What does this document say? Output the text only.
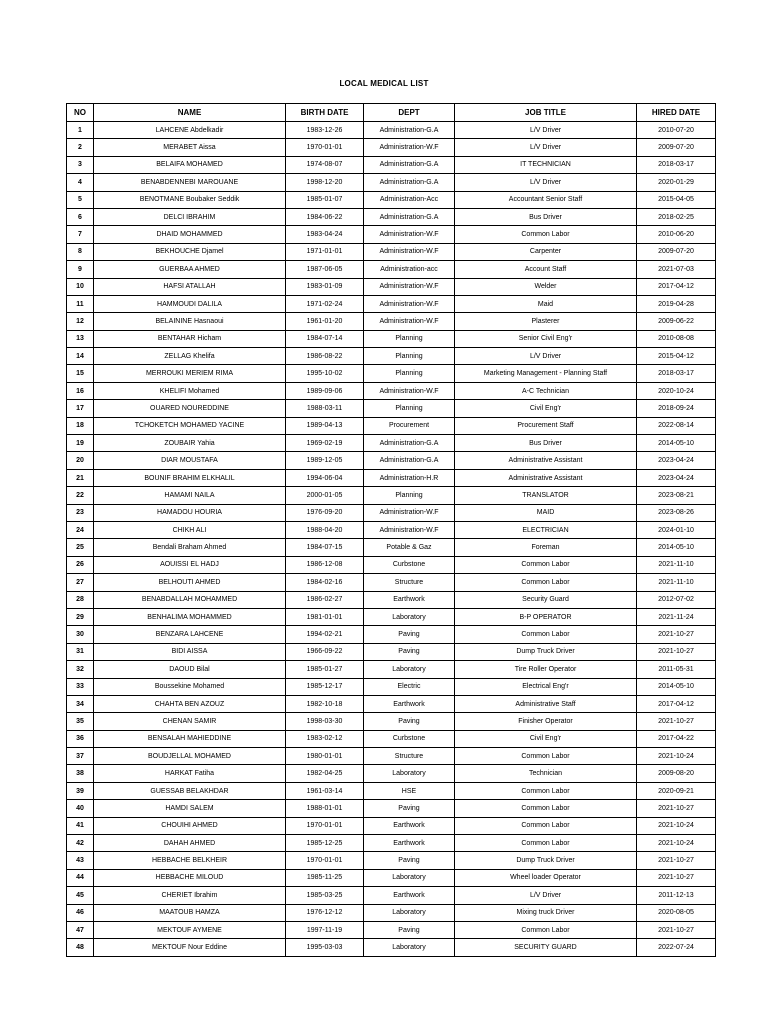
LOCAL MEDICAL LIST
NO	NAME	BIRTH DATE	DEPT	JOB TITLE	HIRED DATE
1	LAHCENE Abdelkadir	1983-12-26	Administration-G.A	L/V Driver	2010-07-20
2	MERABET Aissa	1970-01-01	Administration-W.F	L/V Driver	2009-07-20
3	BELAIFA MOHAMED	1974-08-07	Administration-G.A	IT TECHNICIAN	2018-03-17
4	BENABDENNEBI MAROUANE	1998-12-20	Administration-G.A	L/V Driver	2020-01-29
5	BENOTMANE Boubaker Seddik	1985-01-07	Administration-Acc	Accountant Senior Staff	2015-04-05
6	DELCI IBRAHIM	1984-06-22	Administration-G.A	Bus Driver	2018-02-25
7	DHAID MOHAMMED	1983-04-24	Administration-W.F	Common Labor	2010-06-20
8	BEKHOUCHE Djamel	1971-01-01	Administration-W.F	Carpenter	2009-07-20
9	GUERBAA AHMED	1987-06-05	Administration-acc	Account Staff	2021-07-03
10	HAFSI ATALLAH	1983-01-09	Administration-W.F	Welder	2017-04-12
11	HAMMOUDI DALILA	1971-02-24	Administration-W.F	Maid	2019-04-28
12	BELAININE Hasnaoui	1961-01-20	Administration-W.F	Plasterer	2009-06-22
13	BENTAHAR Hicham	1984-07-14	Planning	Senior Civil Eng'r	2010-08-08
14	ZELLAG Khelifa	1986-08-22	Planning	L/V Driver	2015-04-12
15	MERROUKI MERIEM RIMA	1995-10-02	Planning	Marketing Management - Planning Staff	2018-03-17
16	KHELIFI Mohamed	1989-09-06	Administration-W.F	A-C Technician	2020-10-24
17	OUARED NOUREDDINE	1988-03-11	Planning	Civil Eng'r	2018-09-24
18	TCHOKETCH MOHAMED YACINE	1989-04-13	Procurement	Procurement Staff	2022-08-14
19	ZOUBAIR Yahia	1969-02-19	Administration-G.A	Bus Driver	2014-05-10
20	DIAR MOUSTAFA	1989-12-05	Administration-G.A	Administrative Assistant	2023-04-24
21	BOUNIF BRAHIM ELKHALIL	1994-06-04	Administration-H.R	Administrative Assistant	2023-04-24
22	HAMAMI NAILA	2000-01-05	Planning	TRANSLATOR	2023-08-21
23	HAMADOU HOURIA	1976-09-20	Administration-W.F	MAID	2023-08-26
24	CHIKH ALI	1988-04-20	Administration-W.F	ELECTRICIAN	2024-01-10
25	Bendali Braham Ahmed	1984-07-15	Potable & Gaz	Foreman	2014-05-10
26	AOUISSI EL HADJ	1986-12-08	Curbstone	Common Labor	2021-11-10
27	BELHOUTI AHMED	1984-02-16	Structure	Common Labor	2021-11-10
28	BENABDALLAH MOHAMMED	1986-02-27	Earthwork	Security Guard	2012-07-02
29	BENHALIMA MOHAMMED	1981-01-01	Laboratory	B-P OPERATOR	2021-11-24
30	BENZARA LAHCENE	1994-02-21	Paving	Common Labor	2021-10-27
31	BIDI AISSA	1966-09-22	Paving	Dump Truck Driver	2021-10-27
32	DAOUD Bilal	1985-01-27	Laboratory	Tire Roller Operator	2011-05-31
33	Boussekine Mohamed	1985-12-17	Electric	Electrical Eng'r	2014-05-10
34	CHAHTA BEN AZOUZ	1982-10-18	Earthwork	Administrative Staff	2017-04-12
35	CHENAN SAMIR	1998-03-30	Paving	Finisher Operator	2021-10-27
36	BENSALAH MAHIEDDINE	1983-02-12	Curbstone	Civil Eng'r	2017-04-22
37	BOUDJELLAL MOHAMED	1980-01-01	Structure	Common Labor	2021-10-24
38	HARKAT Fatiha	1982-04-25	Laboratory	Technician	2009-08-20
39	GUESSAB BELAKHDAR	1961-03-14	HSE	Common Labor	2020-09-21
40	HAMDI SALEM	1988-01-01	Paving	Common Labor	2021-10-27
41	CHOUIHI AHMED	1970-01-01	Earthwork	Common Labor	2021-10-24
42	DAHAH AHMED	1985-12-25	Earthwork	Common Labor	2021-10-24
43	HEBBACHE BELKHEIR	1970-01-01	Paving	Dump Truck Driver	2021-10-27
44	HEBBACHE MILOUD	1985-11-25	Laboratory	Wheel loader Operator	2021-10-27
45	CHERIET Ibrahim	1985-03-25	Earthwork	L/V Driver	2011-12-13
46	MAATOUB HAMZA	1976-12-12	Laboratory	Mixing truck Driver	2020-08-05
47	MEKTOUF AYMENE	1997-11-19	Paving	Common Labor	2021-10-27
48	MEKTOUF Nour Eddine	1995-03-03	Laboratory	SECURITY GUARD	2022-07-24
